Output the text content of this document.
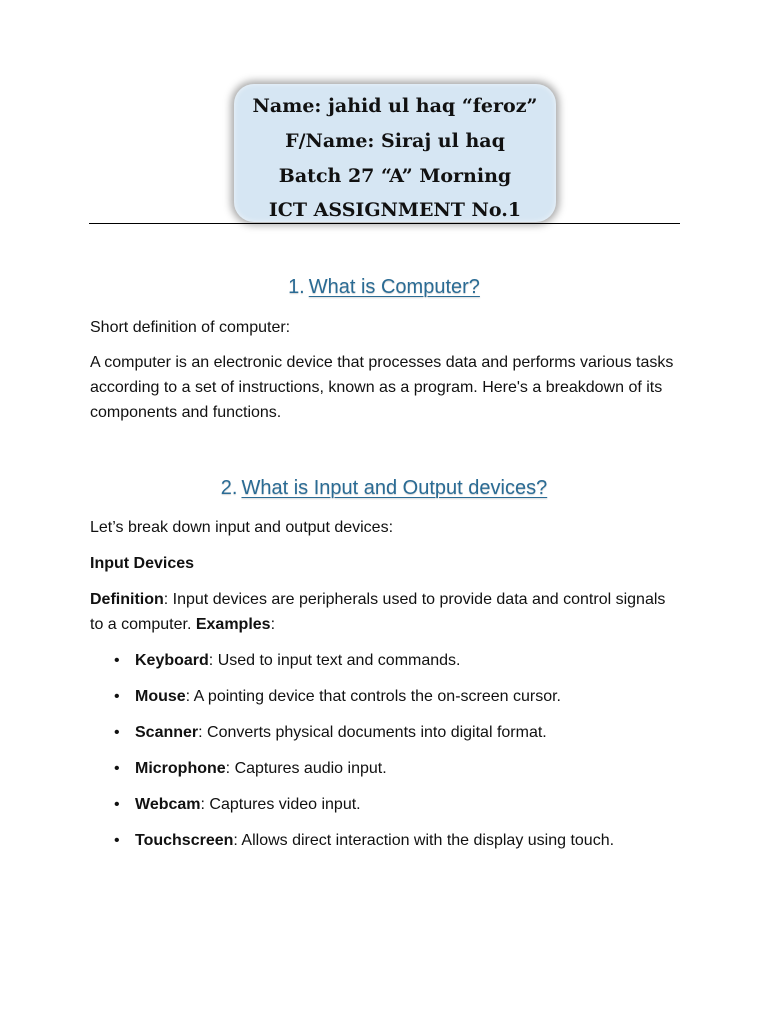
Name: jahid ul haq “feroz”
F/Name: Siraj ul haq
Batch 27 “A” Morning
ICT ASSIGNMENT No.1
1. What is Computer?
Short definition of computer:
A computer is an electronic device that processes data and performs various tasks according to a set of instructions, known as a program. Here's a breakdown of its components and functions.
2. What is Input and Output devices?
Let’s break down input and output devices:
Input Devices
Definition: Input devices are peripherals used to provide data and control signals to a computer. Examples:
• Keyboard: Used to input text and commands.
• Mouse: A pointing device that controls the on-screen cursor.
• Scanner: Converts physical documents into digital format.
• Microphone: Captures audio input.
• Webcam: Captures video input.
• Touchscreen: Allows direct interaction with the display using touch.
